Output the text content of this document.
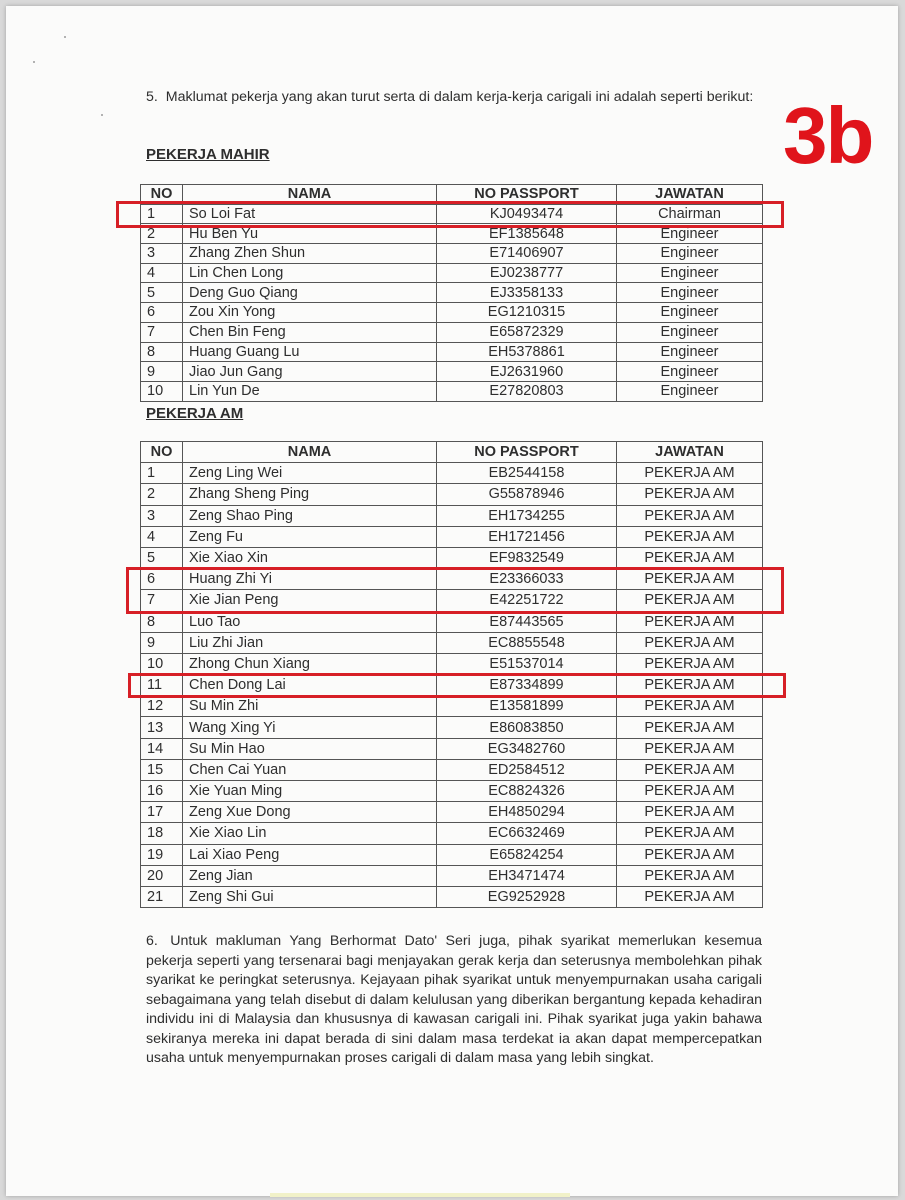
3b
5. Maklumat pekerja yang akan turut serta di dalam kerja-kerja carigali ini adalah seperti berikut:
PEKERJA MAHIR
NO	NAMA	NO PASSPORT	JAWATAN
1	So Loi Fat	KJ0493474	Chairman
2	Hu Ben Yu	EF1385648	Engineer
3	Zhang Zhen Shun	E71406907	Engineer
4	Lin Chen Long	EJ0238777	Engineer
5	Deng Guo Qiang	EJ3358133	Engineer
6	Zou Xin Yong	EG1210315	Engineer
7	Chen Bin Feng	E65872329	Engineer
8	Huang Guang Lu	EH5378861	Engineer
9	Jiao Jun Gang	EJ2631960	Engineer
10	Lin Yun De	E27820803	Engineer
PEKERJA AM
NO	NAMA	NO PASSPORT	JAWATAN
1	Zeng Ling Wei	EB2544158	PEKERJA AM
2	Zhang Sheng Ping	G55878946	PEKERJA AM
3	Zeng Shao Ping	EH1734255	PEKERJA AM
4	Zeng Fu	EH1721456	PEKERJA AM
5	Xie Xiao Xin	EF9832549	PEKERJA AM
6	Huang Zhi Yi	E23366033	PEKERJA AM
7	Xie Jian Peng	E42251722	PEKERJA AM
8	Luo Tao	E87443565	PEKERJA AM
9	Liu Zhi Jian	EC8855548	PEKERJA AM
10	Zhong Chun Xiang	E51537014	PEKERJA AM
11	Chen Dong Lai	E87334899	PEKERJA AM
12	Su Min Zhi	E13581899	PEKERJA AM
13	Wang Xing Yi	E86083850	PEKERJA AM
14	Su Min Hao	EG3482760	PEKERJA AM
15	Chen Cai Yuan	ED2584512	PEKERJA AM
16	Xie Yuan Ming	EC8824326	PEKERJA AM
17	Zeng Xue Dong	EH4850294	PEKERJA AM
18	Xie Xiao Lin	EC6632469	PEKERJA AM
19	Lai Xiao Peng	E65824254	PEKERJA AM
20	Zeng Jian	EH3471474	PEKERJA AM
21	Zeng Shi Gui	EG9252928	PEKERJA AM
6. Untuk makluman Yang Berhormat Dato' Seri juga, pihak syarikat memerlukan kesemua pekerja seperti yang tersenarai bagi menjayakan gerak kerja dan seterusnya membolehkan pihak syarikat ke peringkat seterusnya. Kejayaan pihak syarikat untuk menyempurnakan usaha carigali sebagaimana yang telah disebut di dalam kelulusan yang diberikan bergantung kepada kehadiran individu ini di Malaysia dan khususnya di kawasan carigali ini. Pihak syarikat juga yakin bahawa sekiranya mereka ini dapat berada di sini dalam masa terdekat ia akan dapat mempercepatkan usaha untuk menyempurnakan proses carigali di dalam masa yang lebih singkat.
